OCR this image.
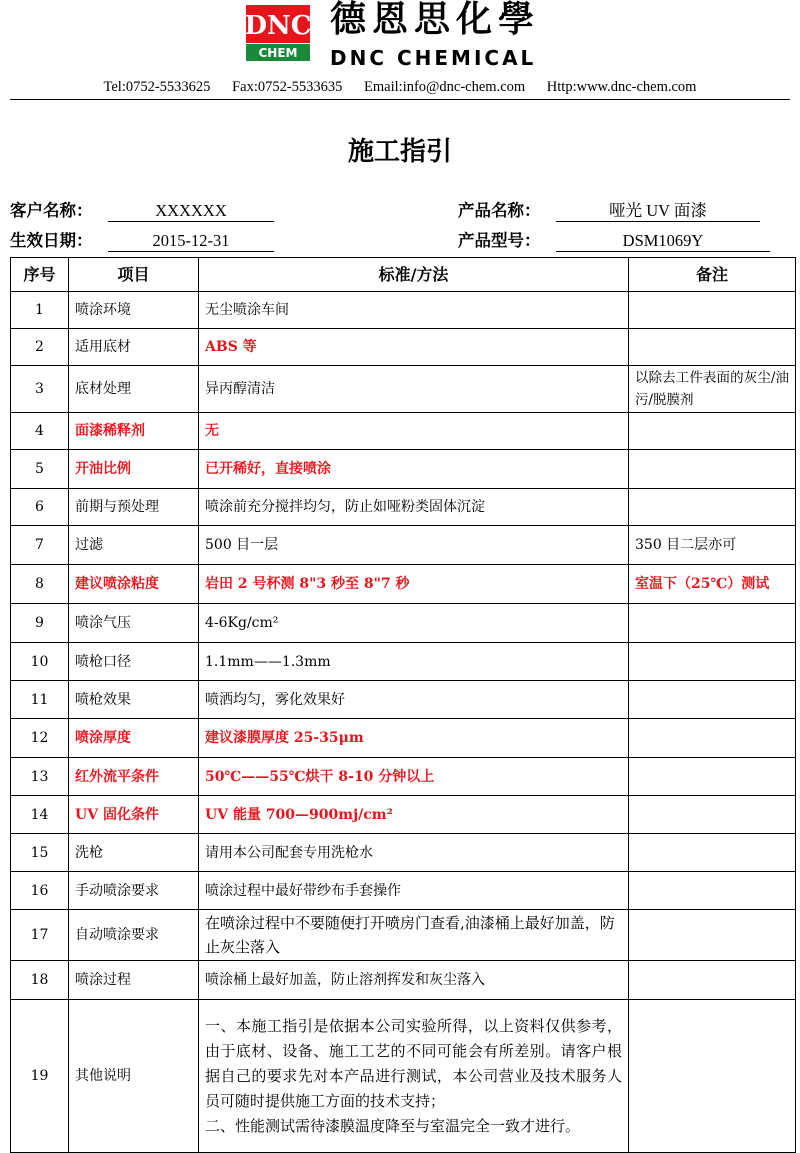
DNC
CHEM
德恩思化學
DNC CHEMICAL
Tel:0752-5533625 Fax:0752-5533635 Email:info@dnc-chem.com Http:www.dnc-chem.com
施工指引
客户名称：	XXXXXX	产品名称：	哑光 UV 面漆
生效日期：	2015-12-31	产品型号：	DSM1069Y
序号	项目	标准/方法	备注
1	喷涂环境	无尘喷涂车间	
2	适用底材	ABS 等	
3	底材处理	异丙醇清洁	以除去工件表面的灰尘/油污/脱膜剂
4	面漆稀释剂	无	
5	开油比例	已开稀好，直接喷涂	
6	前期与预处理	喷涂前充分搅拌均匀，防止如哑粉类固体沉淀	
7	过滤	500 目一层	350 目二层亦可
8	建议喷涂粘度	岩田 2 号杯测 8"3 秒至 8"7 秒	室温下（25℃）测试
9	喷涂气压	4-6Kg/cm²	
10	喷枪口径	1.1mm——1.3mm	
11	喷枪效果	喷洒均匀，雾化效果好	
12	喷涂厚度	建议漆膜厚度 25-35μm	
13	红外流平条件	50℃——55℃烘干 8-10 分钟以上	
14	UV 固化条件	UV 能量 700—900mj/cm²	
15	洗枪	请用本公司配套专用洗枪水	
16	手动喷涂要求	喷涂过程中最好带纱布手套操作	
17	自动喷涂要求	在喷涂过程中不要随便打开喷房门查看,油漆桶上最好加盖，防止灰尘落入	
18	喷涂过程	喷涂桶上最好加盖，防止溶剂挥发和灰尘落入	
19	其他说明	一、本施工指引是依据本公司实验所得，以上资料仅供参考，由于底材、设备、施工工艺的不同可能会有所差别。请客户根据自己的要求先对本产品进行测试，本公司营业及技术服务人员可随时提供施工方面的技术支持；
二、性能测试需待漆膜温度降至与室温完全一致才进行。	
